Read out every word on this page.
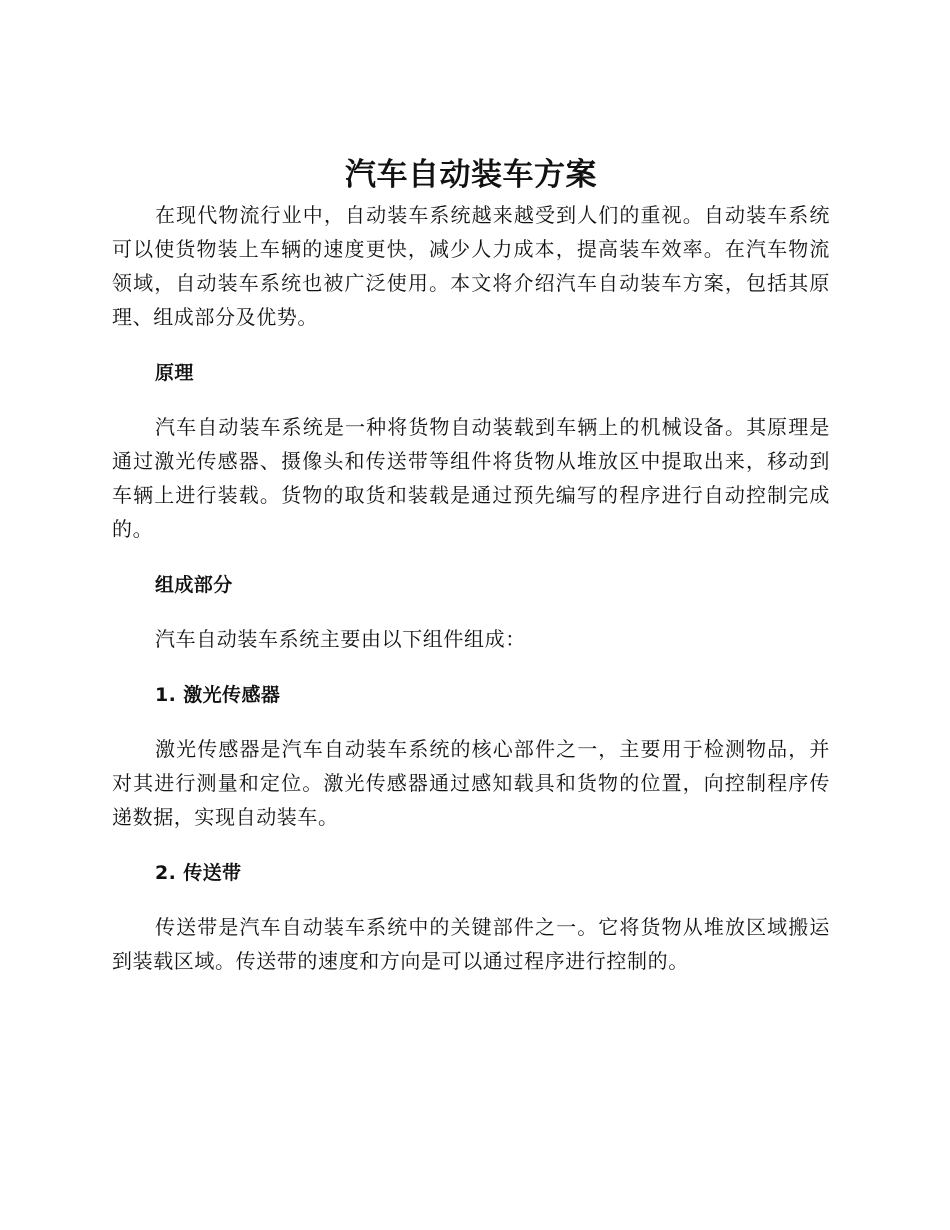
汽车自动装车方案

在现代物流行业中，自动装车系统越来越受到人们的重视。自动装车系统可以使货物装上车辆的速度更快，减少人力成本，提高装车效率。在汽车物流领域，自动装车系统也被广泛使用。本文将介绍汽车自动装车方案，包括其原理、组成部分及优势。

原理

汽车自动装车系统是一种将货物自动装载到车辆上的机械设备。其原理是通过激光传感器、摄像头和传送带等组件将货物从堆放区中提取出来，移动到车辆上进行装载。货物的取货和装载是通过预先编写的程序进行自动控制完成的。

组成部分

汽车自动装车系统主要由以下组件组成：

1. 激光传感器

激光传感器是汽车自动装车系统的核心部件之一，主要用于检测物品，并对其进行测量和定位。激光传感器通过感知载具和货物的位置，向控制程序传递数据，实现自动装车。

2. 传送带

传送带是汽车自动装车系统中的关键部件之一。它将货物从堆放区域搬运到装载区域。传送带的速度和方向是可以通过程序进行控制的。
